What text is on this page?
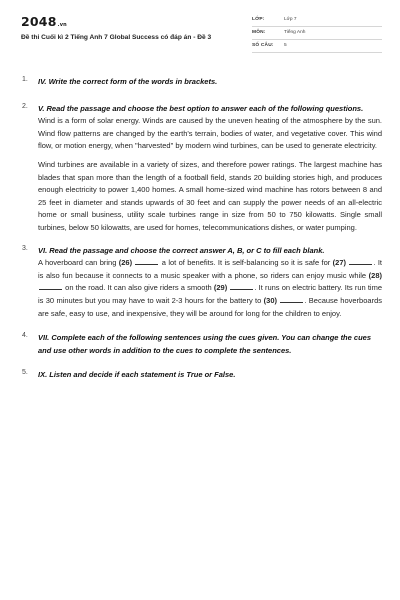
2048.vn
Đề thi Cuối kì 2 Tiếng Anh 7 Global Success có đáp án - Đề 3
LỚP:	Lớp 7
MÔN:	Tiếng Anh
SỐ CÂU: 5
1. IV. Write the correct form of the words in brackets.
2. V. Read the passage and choose the best option to answer each of the following questions.

Wind is a form of solar energy. Winds are caused by the uneven heating of the atmosphere by the sun. Wind flow patterns are changed by the earth's terrain, bodies of water, and vegetative cover. This wind flow, or motion energy, when "harvested" by modern wind turbines, can be used to generate electricity.

Wind turbines are available in a variety of sizes, and therefore power ratings. The largest machine has blades that span more than the length of a football field, stands 20 building stories high, and produces enough electricity to power 1,400 homes. A small home-sized wind machine has rotors between 8 and 25 feet in diameter and stands upwards of 30 feet and can supply the power needs of an all-electric home or small business, utility scale turbines range in size from 50 to 750 kilowatts. Single small turbines, below 50 kilowatts, are used for homes, telecommunications dishes, or water pumping.

3. VI. Read the passage and choose the correct answer A, B, or C to fill each blank.

A hoverboard can bring (26)	a lot of benefits. It is self-balancing so it is safe for (27)	. It is also fun because it connects to a music speaker with a phone, so riders can enjoy music while (28)  on the road. It can also give riders a smooth (29)	. It runs on electric battery. Its run time is 30 minutes but you may have to wait 2-3 hours for the battery to (30)	. Because hoverboards are safe, easy to use, and inexpensive, they will be around for long for the children to enjoy.

4. VII. Complete each of the following sentences using the cues given. You can change the cues and use other words in addition to the cues to complete the sentences.
5. IX. Listen and decide if each statement is True or False.
